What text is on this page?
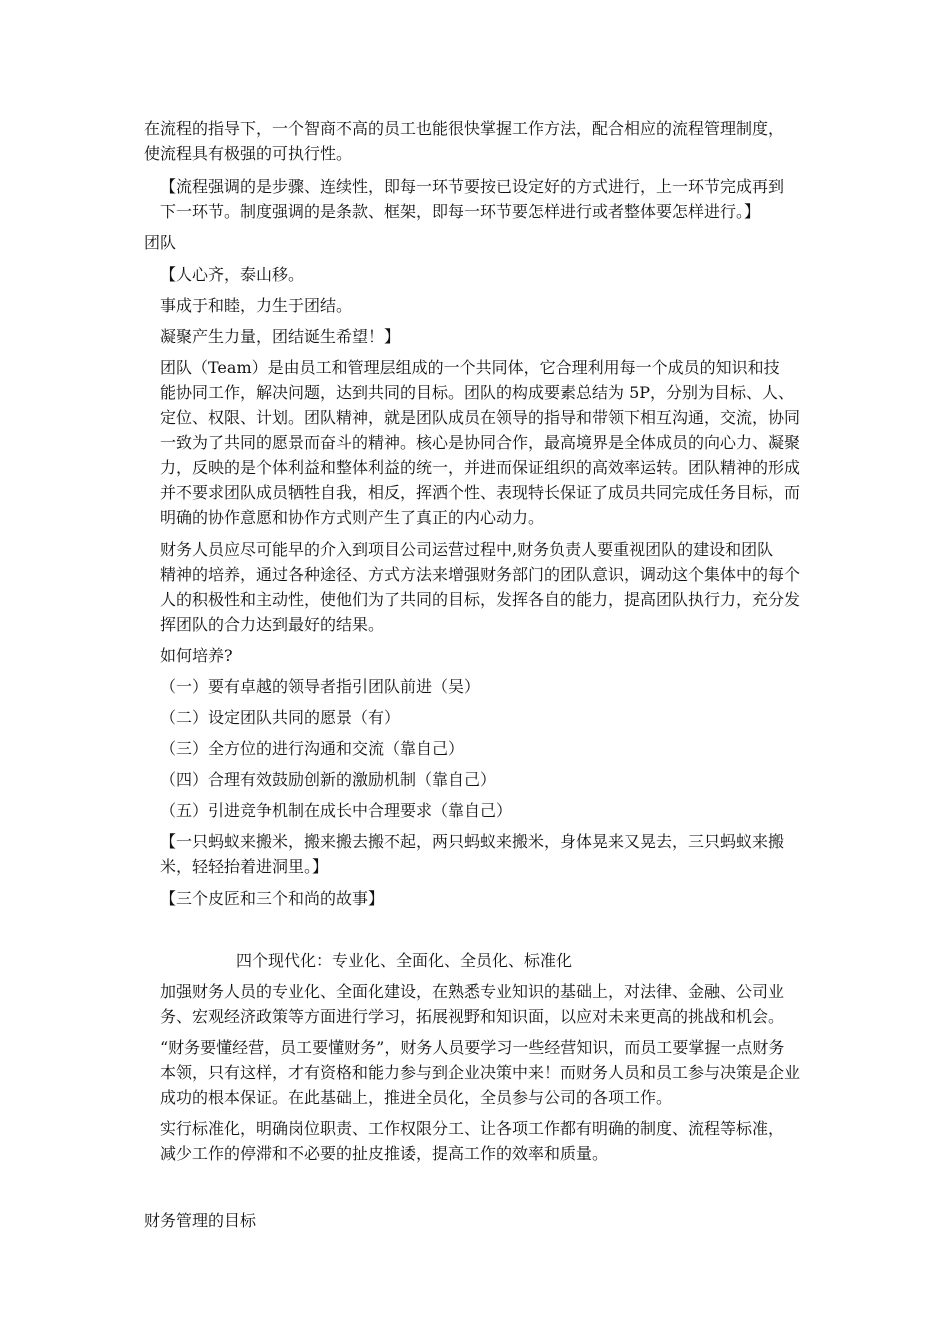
在流程的指导下，一个智商不高的员工也能很快掌握工作方法，配合相应的流程管理制度，
使流程具有极强的可执行性。
【流程强调的是步骤、连续性，即每一环节要按已设定好的方式进行，上一环节完成再到
下一环节。制度强调的是条款、框架，即每一环节要怎样进行或者整体要怎样进行。】
团队
【人心齐，泰山移。
事成于和睦，力生于团结。
凝聚产生力量，团结诞生希望！】
团队（Team）是由员工和管理层组成的一个共同体，它合理利用每一个成员的知识和技
能协同工作，解决问题，达到共同的目标。团队的构成要素总结为 5P，分别为目标、人、
定位、权限、计划。团队精神，就是团队成员在领导的指导和带领下相互沟通，交流，协同
一致为了共同的愿景而奋斗的精神。核心是协同合作，最高境界是全体成员的向心力、凝聚
力，反映的是个体利益和整体利益的统一，并进而保证组织的高效率运转。团队精神的形成
并不要求团队成员牺牲自我，相反，挥洒个性、表现特长保证了成员共同完成任务目标，而
明确的协作意愿和协作方式则产生了真正的内心动力。
财务人员应尽可能早的介入到项目公司运营过程中,财务负责人要重视团队的建设和团队
精神的培养，通过各种途径、方式方法来增强财务部门的团队意识，调动这个集体中的每个
人的积极性和主动性，使他们为了共同的目标，发挥各自的能力，提高团队执行力，充分发
挥团队的合力达到最好的结果。
如何培养?
（一）要有卓越的领导者指引团队前进（吴）
（二）设定团队共同的愿景（有）
（三）全方位的进行沟通和交流（靠自己）
（四）合理有效鼓励创新的激励机制（靠自己）
（五）引进竞争机制在成长中合理要求（靠自己）
【一只蚂蚁来搬米，搬来搬去搬不起，两只蚂蚁来搬米，身体晃来又晃去，三只蚂蚁来搬
米，轻轻抬着进洞里。】
【三个皮匠和三个和尚的故事】
四个现代化：专业化、全面化、全员化、标准化
加强财务人员的专业化、全面化建设，在熟悉专业知识的基础上，对法律、金融、公司业
务、宏观经济政策等方面进行学习，拓展视野和知识面，以应对未来更高的挑战和机会。
“财务要懂经营，员工要懂财务”，财务人员要学习一些经营知识，而员工要掌握一点财务
本领，只有这样，才有资格和能力参与到企业决策中来！而财务人员和员工参与决策是企业
成功的根本保证。在此基础上，推进全员化，全员参与公司的各项工作。
实行标准化，明确岗位职责、工作权限分工、让各项工作都有明确的制度、流程等标准，
减少工作的停滞和不必要的扯皮推诿，提高工作的效率和质量。
财务管理的目标
